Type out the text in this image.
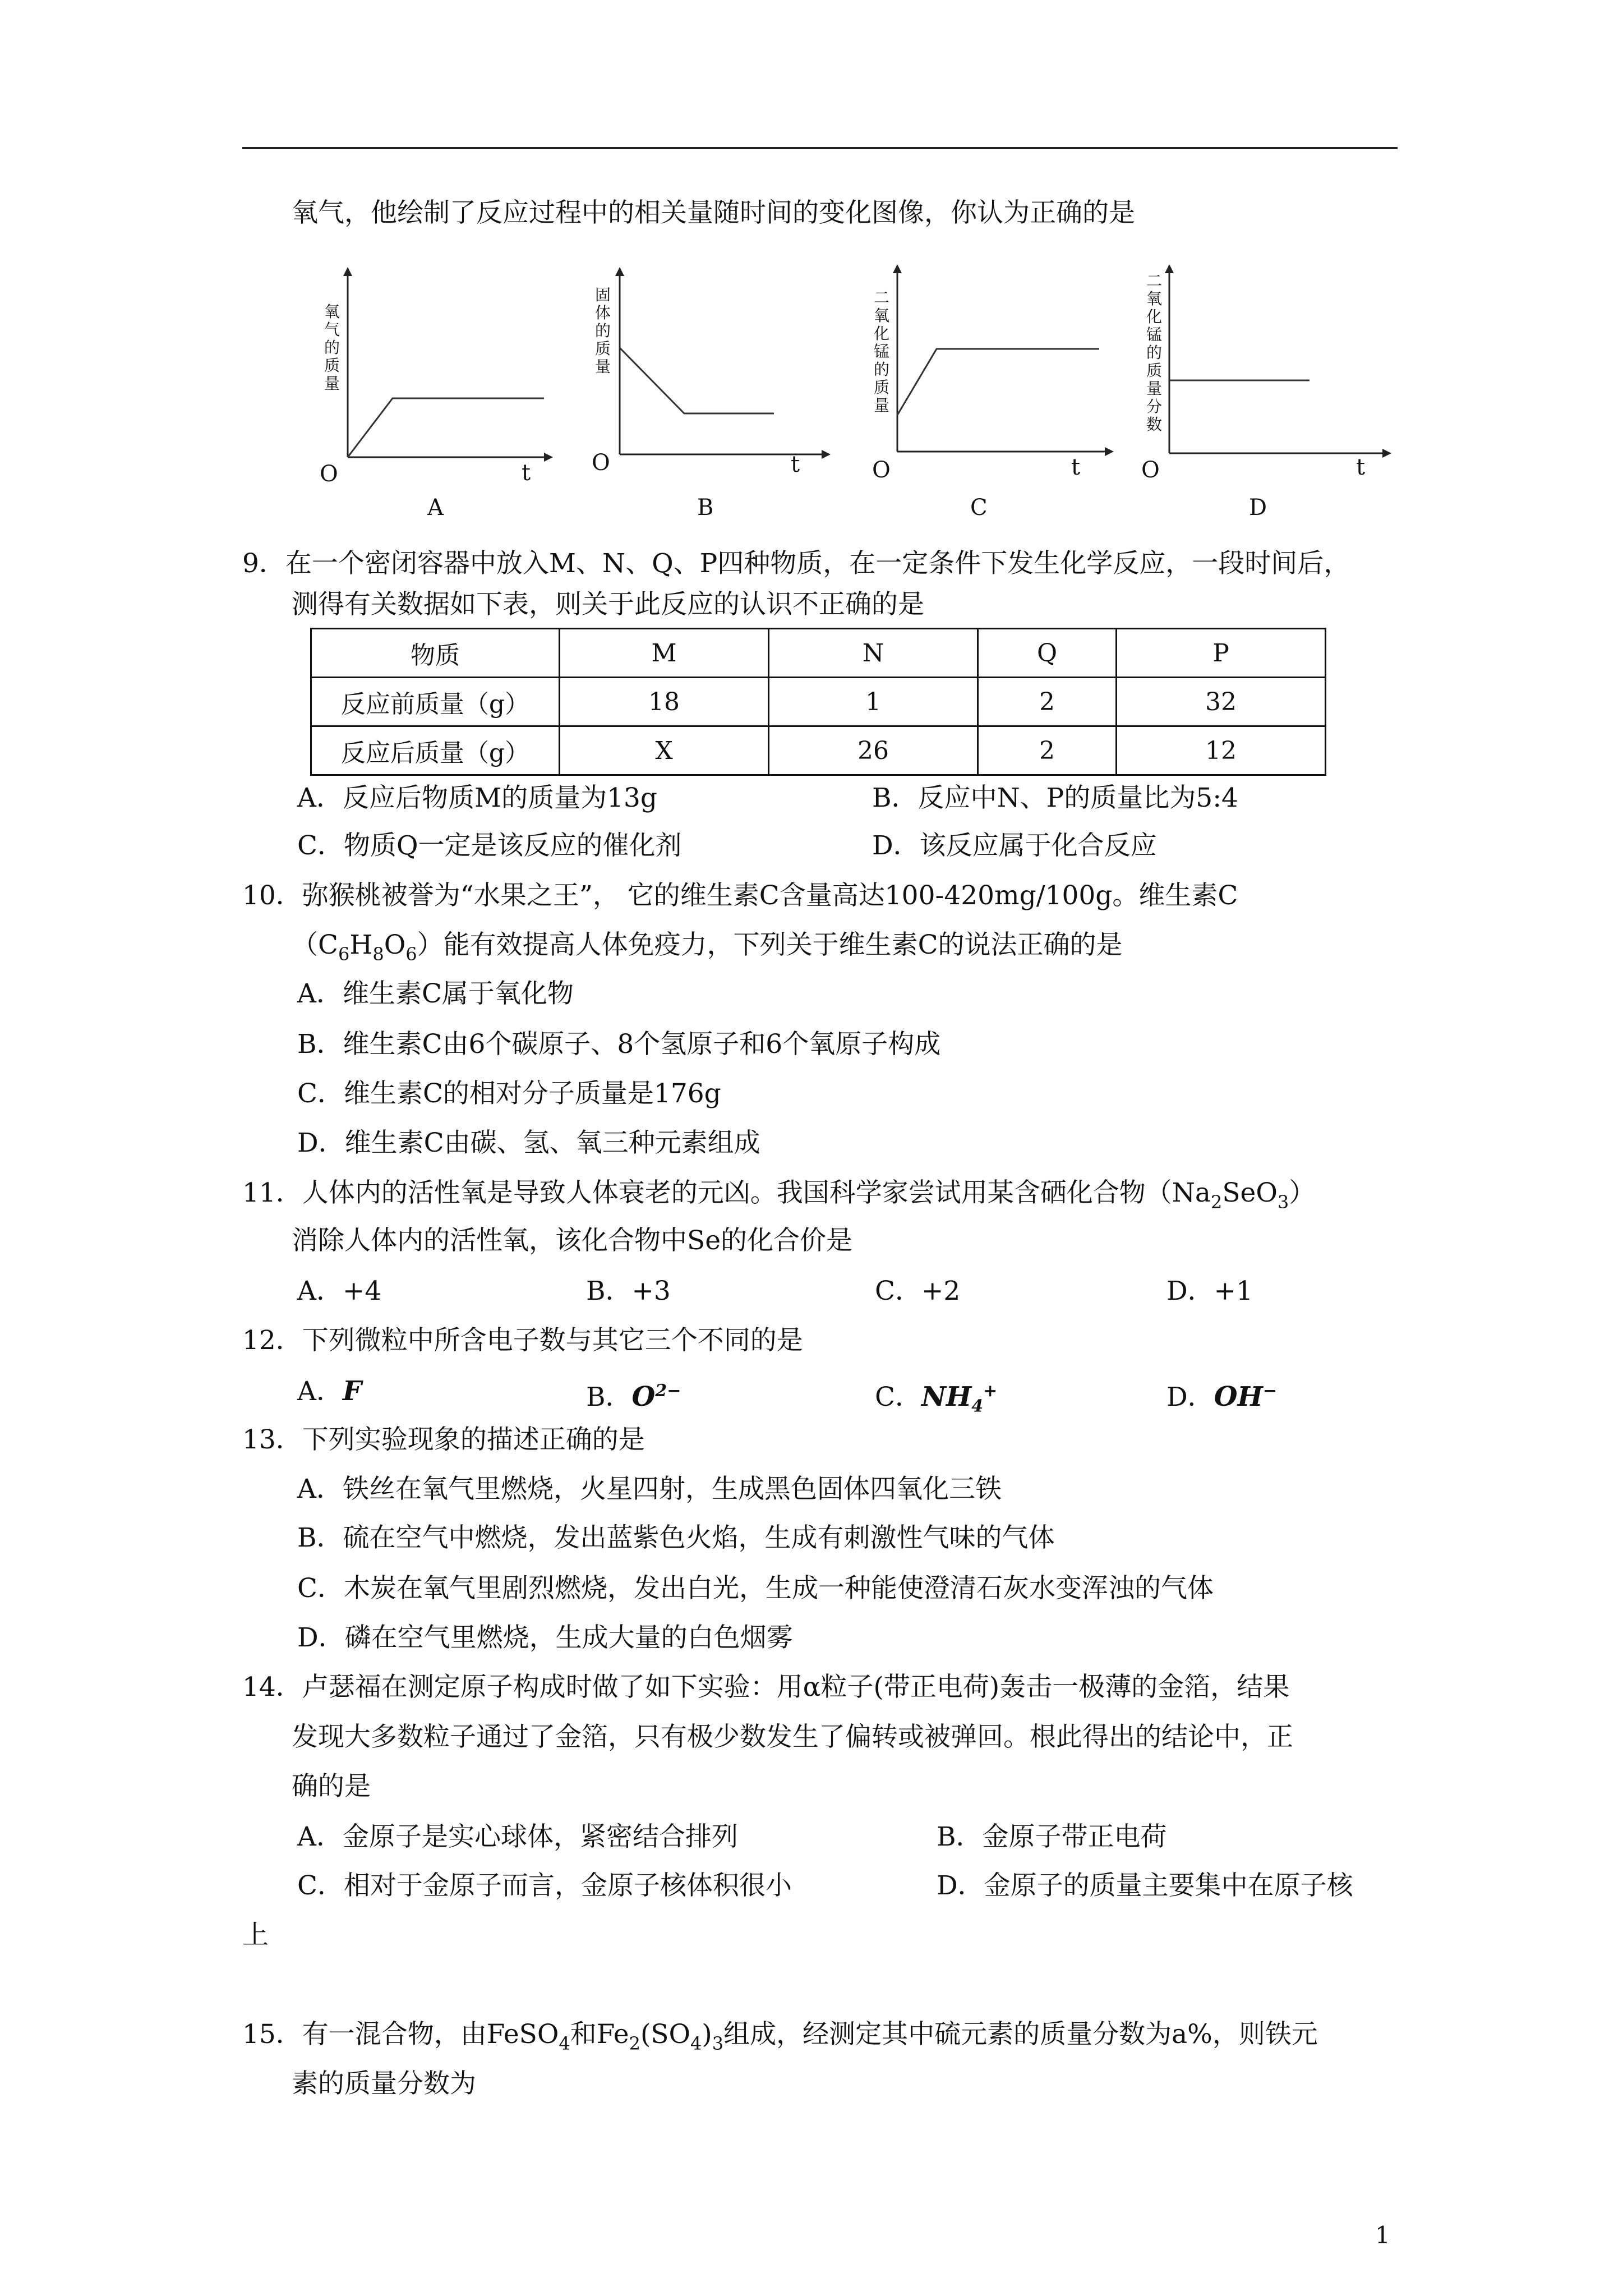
氧气，他绘制了反应过程中的相关量随时间的变化图像，你认为正确的是
氧气的质量
O	t
A
固体的质量
O	t
B
二氧化锰的质量
O	t
C
二氧化锰的质量分数
O	t
D
9．在一个密闭容器中放入M、N、Q、P四种物质，在一定条件下发生化学反应，一段时间后，
测得有关数据如下表，则关于此反应的认识不正确的是
物质	M	N	Q	P
反应前质量（g）	18	1	2	32
反应后质量（g）	X	26	2	12
A．反应后物质M的质量为13g	B．反应中N、P的质量比为5:4
C．物质Q一定是该反应的催化剂	D．该反应属于化合反应
10．弥猴桃被誉为“水果之王”， 它的维生素C含量高达100-420mg/100g。维生素C
$(C_6H_8O_6)$能有效提高人体免疫力，下列关于维生素C的说法正确的是
A．维生素C属于氧化物
B．维生素C由6个碳原子、8个氢原子和6个氧原子构成
C．维生素C的相对分子质量是176g
D．维生素C由碳、氢、氧三种元素组成
11．人体内的活性氧是导致人体衰老的元凶。我国科学家尝试用某含硒化合物$(Na_2SeO_3)$
消除人体内的活性氧，该化合物中Se的化合价是
A．+4	B．+3	C．+2	D．+1
12．下列微粒中所含电子数与其它三个不同的是
A．F	B．$O^{2-}$	C．$NH_4^+$	D．OH−
13．下列实验现象的描述正确的是
A．铁丝在氧气里燃烧，火星四射，生成黑色固体四氧化三铁
B．硫在空气中燃烧，发出蓝紫色火焰，生成有刺激性气味的气体
C．木炭在氧气里剧烈燃烧，发出白光，生成一种能使澄清石灰水变浑浊的气体
D．磷在空气里燃烧，生成大量的白色烟雾
14．卢瑟福在测定原子构成时做了如下实验：用α粒子(带正电荷)轰击一极薄的金箔，结果
发现大多数粒子通过了金箔，只有极少数发生了偏转或被弹回。根此得出的结论中，正
确的是
A．金原子是实心球体，紧密结合排列	B．金原子带正电荷
C．相对于金原子而言，金原子核体积很小	D．金原子的质量主要集中在原子核
上
15．有一混合物，由FeSO$_4$和$Fe_2(SO_4)_3$组成，经测定其中硫元素的质量分数为a%，则铁元
素的质量分数为
1
